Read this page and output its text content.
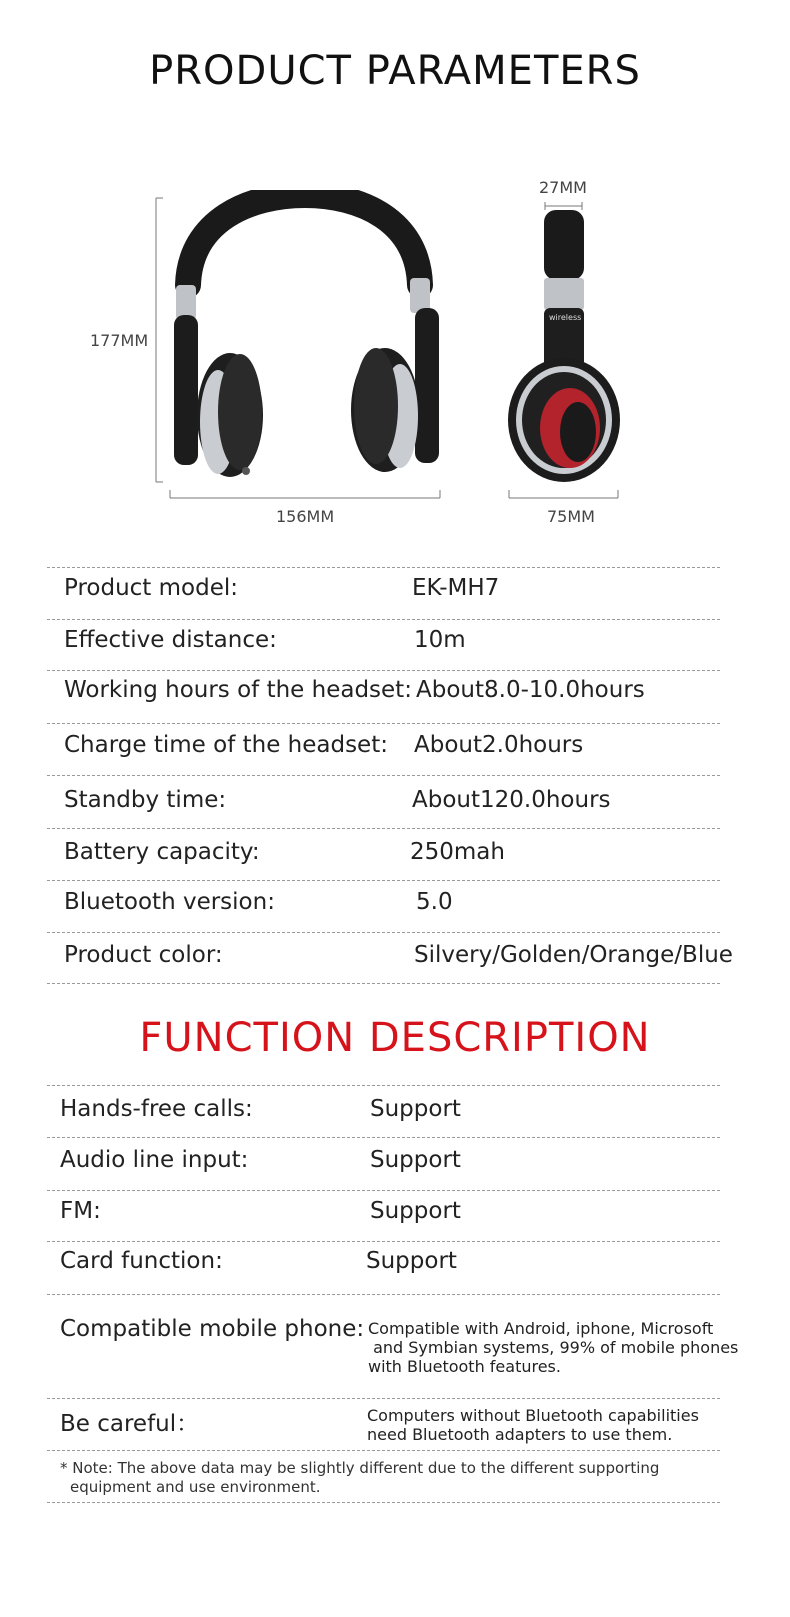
PRODUCT PARAMETERS
177MM
156MM
wireless
27MM
75MM
Product model:	EK-MH7
Effective distance:	10m
Working hours of the headset: About8.0-10.0hours
Charge time of the headset: About2.0hours
Standby time:	About120.0hours
Battery capacity:	250mah
Bluetooth version:	5.0
Product color:	Silvery/Golden/Orange/Blue
FUNCTION DESCRIPTION
Hands-free calls:	Support
Audio line input:	Support
FM:	Support
Card function:	Support
Compatible mobile phone: Compatible with Android, iphone, Microsoft
and Symbian systems, 99% of mobile phones
with Bluetooth features.
Be careful：	Computers without Bluetooth capabilities
need Bluetooth adapters to use them.
* Note: The above data may be slightly different due to the different supporting
equipment and use environment.
